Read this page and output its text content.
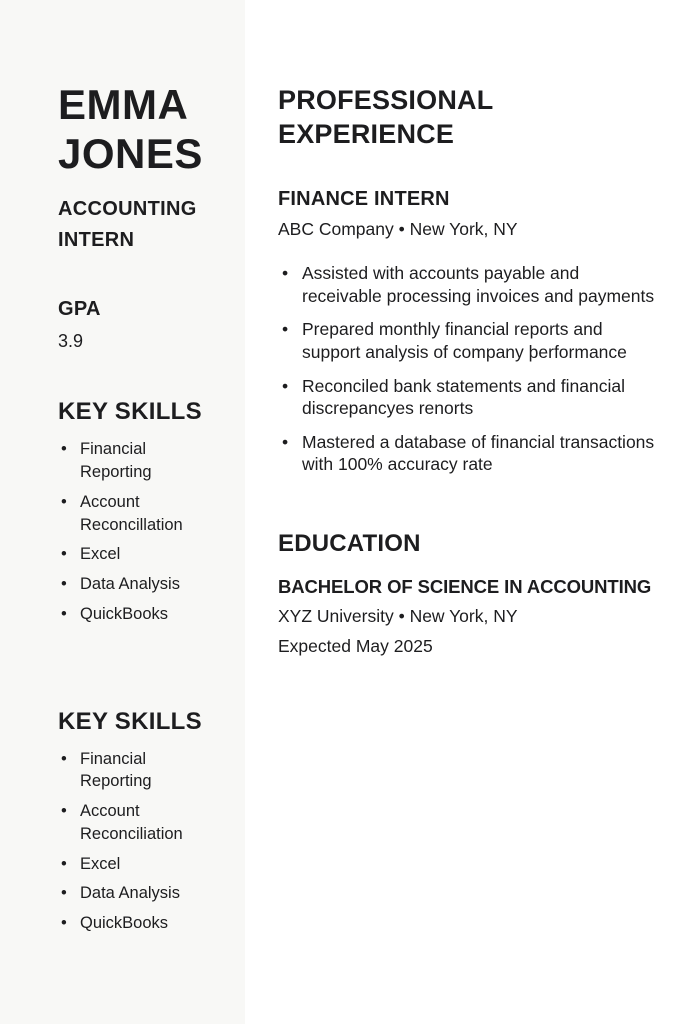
EMMA JONES
ACCOUNTING INTERN
GPA
3.9
KEY SKILLS
• Financial Reporting
• Account Reconcillation
• Excel
• Data Analysis
• QuickBooks
KEY SKILLS
• Financial Reporting
• Account Reconciliation
• Excel
• Data Analysis
• QuickBooks
PROFESSIONAL EXPERIENCE
FINANCE INTERN
ABC Company • New York, NY
• Assisted with accounts payable and receivable processing invoices and payments
• Prepared monthly financial reports and support analysis of company þerformance
• Reconciled bank statements and financial discrepancyes renorts
• Mastered a database of financial transactions with 100% accuracy rate
EDUCATION
BACHELOR OF SCIENCE IN ACCOUNTING
XYZ University • New York, NY
Expected May 2025
